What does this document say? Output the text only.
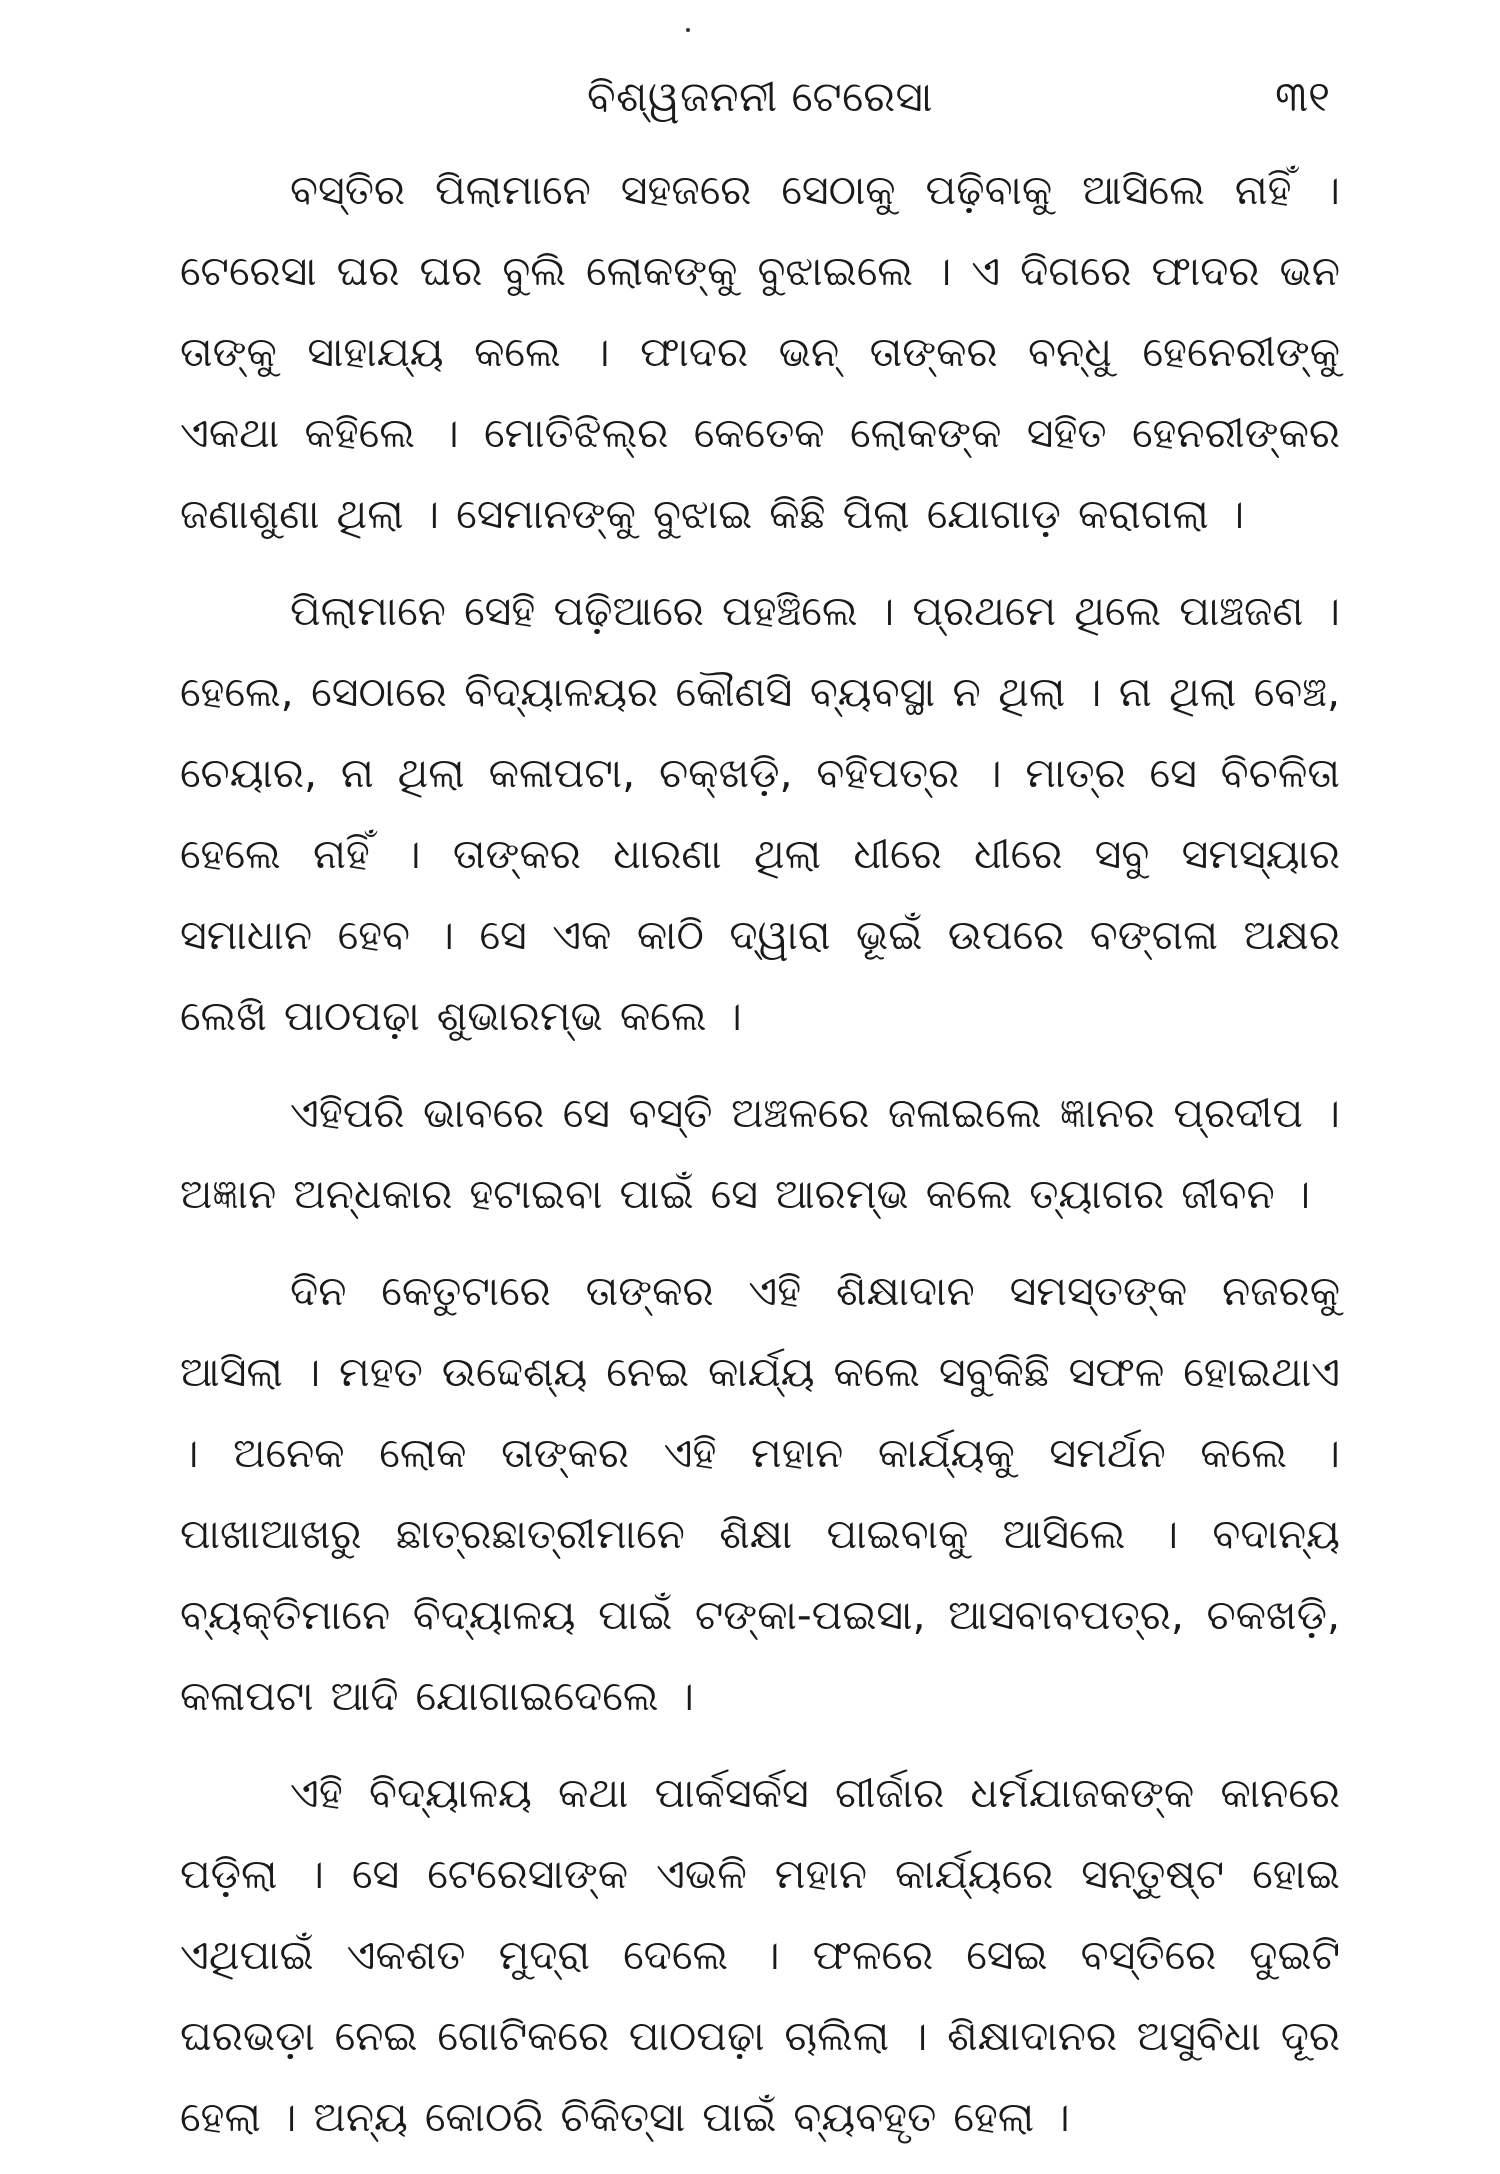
ବିଶ୍ୱଜନନୀ ଟେରେସା	୩୧

ବସ୍ତିର ପିଲାମାନେ ସହଜରେ ସେଠାକୁ ପଢ଼ିବାକୁ ଆସିଲେ ନାହିଁ । ଟେରେସା ଘର ଘର ବୁଲି ଲୋକଙ୍କୁ ବୁଝାଇଲେ । ଏ ଦିଗରେ ଫାଦର ଭନ ତାଙ୍କୁ ସାହାଯ୍ୟ କଲେ । ଫାଦର ଭନ୍ ତାଙ୍କର ବନ୍ଧୁ ହେନେରୀଙ୍କୁ ଏକଥା କହିଲେ । ମୋତିଝିଲ୍‌ର କେତେକ ଲୋକଙ୍କ ସହିତ ହେନରୀଙ୍କର ଜଣାଶୁଣା ଥିଲା । ସେମାନଙ୍କୁ ବୁଝାଇ କିଛି ପିଲା ଯୋଗାଡ଼ କରାଗଲା ।

ପିଲାମାନେ ସେହି ପଢ଼ିଆରେ ପହଞ୍ଚିଲେ । ପ୍ରଥମେ ଥିଲେ ପାଞ୍ଚଜଣ । ହେଲେ, ସେଠାରେ ବିଦ୍ୟାଳୟର କୌଣସି ବ୍ୟବସ୍ଥା ନ ଥିଲା । ନା ଥିଲା ବେଞ୍ଚ, ଚେୟାର, ନା ଥିଲା କଳାପଟା, ଚକ୍‌ଖଡ଼ି, ବହିପତ୍ର । ମାତ୍ର ସେ ବିଚଳିତା ହେଲେ ନାହିଁ । ତାଙ୍କର ଧାରଣା ଥିଲା ଧୀରେ ଧୀରେ ସବୁ ସମସ୍ୟାର ସମାଧାନ ହେବ । ସେ ଏକ କାଠି ଦ୍ୱାରା ଭୂଇଁ ଉପରେ ବଙ୍ଗଳା ଅକ୍ଷର ଲେଖି ପାଠପଢ଼ା ଶୁଭାରମ୍ଭ କଲେ ।

ଏହିପରି ଭାବରେ ସେ ବସ୍ତି ଅଞ୍ଚଳରେ ଜଳାଇଲେ ଜ୍ଞାନର ପ୍ରଦୀପ । ଅଜ୍ଞାନ ଅନ୍ଧକାର ହଟାଇବା ପାଇଁ ସେ ଆରମ୍ଭ କଲେ ତ୍ୟାଗର ଜୀବନ ।

ଦିନ କେତୁଟାରେ ତାଙ୍କର ଏହି ଶିକ୍ଷାଦାନ ସମସ୍ତଙ୍କ ନଜରକୁ ଆସିଲା । ମହତ ଉଦ୍ଦେଶ୍ୟ ନେଇ କାର୍ଯ୍ୟ କଲେ ସବୁକିଛି ସଫଳ ହୋଇଥାଏ । ଅନେକ ଲୋକ ତାଙ୍କର ଏହି ମହାନ କାର୍ଯ୍ୟକୁ ସମର୍ଥନ କଲେ । ପାଖାଆଖରୁ ଛାତ୍ରଛାତ୍ରୀମାନେ ଶିକ୍ଷା ପାଇବାକୁ ଆସିଲେ । ବଦାନ୍ୟ ବ୍ୟକ୍ତିମାନେ ବିଦ୍ୟାଳୟ ପାଇଁ ଟଙ୍କା-ପଇସା, ଆସବାବପତ୍ର, ଚକଖଡ଼ି, କଳାପଟା ଆଦି ଯୋଗାଇଦେଲେ ।

ଏହି ବିଦ୍ୟାଳୟ କଥା ପାର୍କସର୍କସ ଗୀର୍ଜାର ଧର୍ମଯାଜକଙ୍କ କାନରେ ପଡ଼ିଲା । ସେ ଟେରେସାଙ୍କ ଏଭଳି ମହାନ କାର୍ଯ୍ୟରେ ସନ୍ତୁଷ୍ଟ ହୋଇ ଏଥିପାଇଁ ଏକଶତ ମୁଦ୍ରା ଦେଲେ । ଫଳରେ ସେଇ ବସ୍ତିରେ ଦୁଇଟି ଘରଭଡ଼ା ନେଇ ଗୋଟିକରେ ପାଠପଢ଼ା ଚାଲିଲା । ଶିକ୍ଷାଦାନର ଅସୁବିଧା ଦୂର ହେଲା । ଅନ୍ୟ କୋଠରି ଚିକିତ୍ସା ପାଇଁ ବ୍ୟବହୃତ ହେଲା ।
